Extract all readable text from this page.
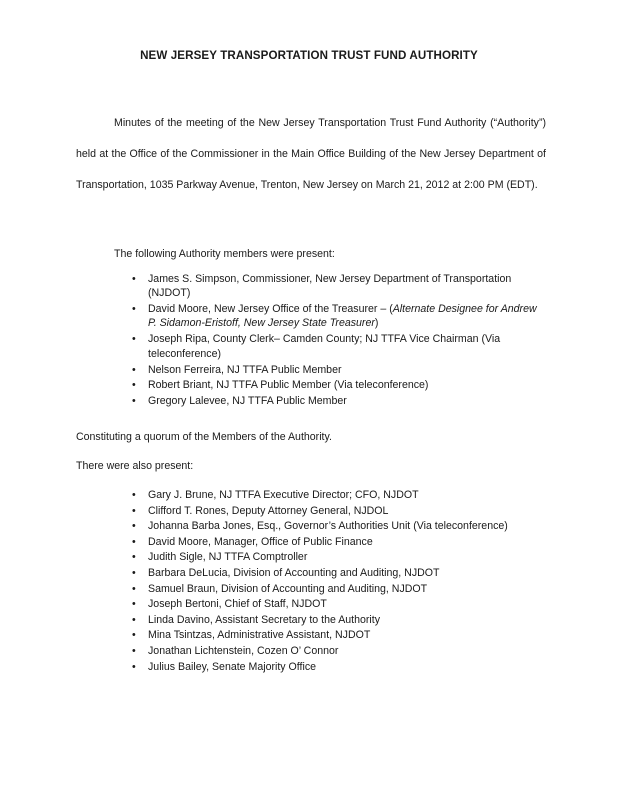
NEW JERSEY TRANSPORTATION TRUST FUND AUTHORITY
Minutes of the meeting of the New Jersey Transportation Trust Fund Authority (“Authority”) held at the Office of the Commissioner in the Main Office Building of the New Jersey Department of Transportation, 1035 Parkway Avenue, Trenton, New Jersey on March 21, 2012 at 2:00 PM (EDT).
The following Authority members were present:
• James S. Simpson, Commissioner, New Jersey Department of Transportation (NJDOT)
• David Moore, New Jersey Office of the Treasurer – (Alternate Designee for Andrew P. Sidamon-Eristoff, New Jersey State Treasurer)
• Joseph Ripa, County Clerk– Camden County; NJ TTFA Vice Chairman (Via teleconference)
• Nelson Ferreira, NJ TTFA Public Member
• Robert Briant, NJ TTFA Public Member (Via teleconference)
• Gregory Lalevee, NJ TTFA Public Member
Constituting a quorum of the Members of the Authority.
There were also present:
• Gary J. Brune, NJ TTFA Executive Director; CFO, NJDOT
• Clifford T. Rones, Deputy Attorney General, NJDOL
• Johanna Barba Jones, Esq., Governor’s Authorities Unit (Via teleconference)
• David Moore, Manager, Office of Public Finance
• Judith Sigle, NJ TTFA Comptroller
• Barbara DeLucia, Division of Accounting and Auditing, NJDOT
• Samuel Braun, Division of Accounting and Auditing, NJDOT
• Joseph Bertoni, Chief of Staff, NJDOT
• Linda Davino, Assistant Secretary to the Authority
• Mina Tsintzas, Administrative Assistant, NJDOT
• Jonathan Lichtenstein, Cozen O’ Connor
• Julius Bailey, Senate Majority Office
